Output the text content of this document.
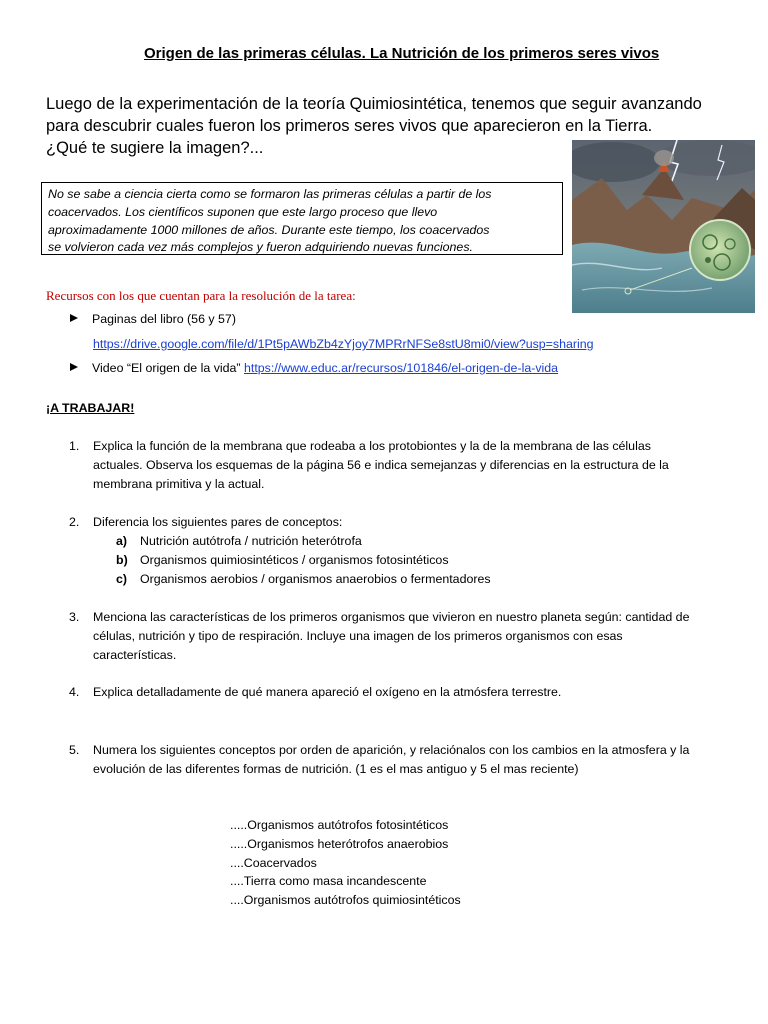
Origen de las primeras células. La Nutrición de los primeros seres vivos
Luego de la experimentación de la teoría Quimiosintética, tenemos que seguir avanzando
para descubrir cuales fueron los primeros seres vivos que aparecieron en la Tierra.
¿Qué te sugiere la imagen?...
No se sabe a ciencia cierta como se formaron las primeras células a partir de los
coacervados. Los científicos suponen que este largo proceso que llevo
aproximadamente 1000 millones de años. Durante este tiempo, los coacervados
se volvieron cada vez más complejos y fueron adquiriendo nuevas funciones.
Recursos con los que cuentan para la resolución de la tarea:
Paginas del libro (56 y 57)
https://drive.google.com/file/d/1Pt5pAWbZb4zYjoy7MPRrNFSe8stU8mi0/view?usp=sharing
Video “El origen de la vida” https://www.educ.ar/recursos/101846/el-origen-de-la-vida
¡A TRABAJAR!
1. Explica la función de la membrana que rodeaba a los protobiontes y la de la membrana de las células
actuales. Observa los esquemas de la página 56 e indica semejanzas y diferencias en la estructura de la
membrana primitiva y la actual.
2. Diferencia los siguientes pares de conceptos:
a) Nutrición autótrofa / nutrición heterótrofa
b) Organismos quimiosintéticos / organismos fotosintéticos
c) Organismos aerobios / organismos anaerobios o fermentadores
3. Menciona las características de los primeros organismos que vivieron en nuestro planeta según: cantidad de
células, nutrición y tipo de respiración. Incluye una imagen de los primeros organismos con esas
características.
4. Explica detalladamente de qué manera apareció el oxígeno en la atmósfera terrestre.
5. Numera los siguientes conceptos por orden de aparición, y relaciónalos con los cambios en la atmosfera y la
evolución de las diferentes formas de nutrición. (1 es el mas antiguo y 5 el mas reciente)
.....Organismos autótrofos fotosintéticos
.....Organismos heterótrofos anaerobios
....Coacervados
....Tierra como masa incandescente
....Organismos autótrofos quimiosintéticos
